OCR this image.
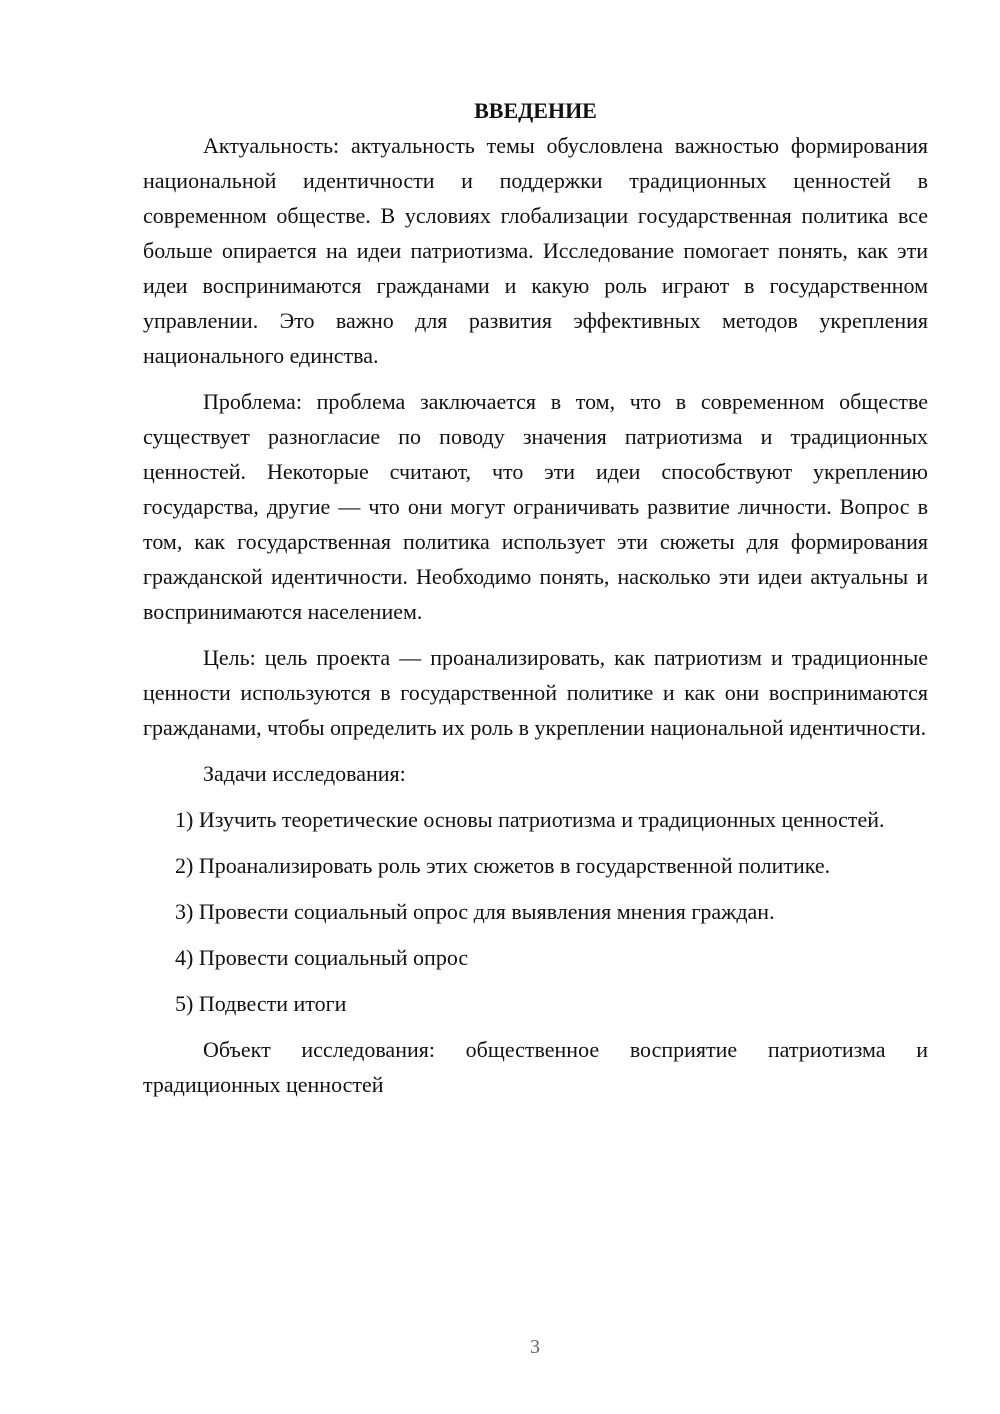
ВВЕДЕНИЕ

Актуальность: актуальность темы обусловлена важностью формирования национальной идентичности и поддержки традиционных ценностей в современном обществе. В условиях глобализации государственная политика все больше опирается на идеи патриотизма. Исследование помогает понять, как эти идеи воспринимаются гражданами и какую роль играют в государственном управлении. Это важно для развития эффективных методов укрепления национального единства.

Проблема: проблема заключается в том, что в современном обществе существует разногласие по поводу значения патриотизма и традиционных ценностей. Некоторые считают, что эти идеи способствуют укреплению государства, другие — что они могут ограничивать развитие личности. Вопрос в том, как государственная политика использует эти сюжеты для формирования гражданской идентичности. Необходимо понять, насколько эти идеи актуальны и воспринимаются населением.

Цель: цель проекта — проанализировать, как патриотизм и традиционные ценности используются в государственной политике и как они воспринимаются гражданами, чтобы определить их роль в укреплении национальной идентичности.

Задачи исследования:

1) Изучить теоретические основы патриотизма и традиционных ценностей.

2) Проанализировать роль этих сюжетов в государственной политике.

3) Провести социальный опрос для выявления мнения граждан.

4) Провести социальный опрос

5) Подвести итоги

Объект исследования: общественное восприятие патриотизма и традиционных ценностей

3
